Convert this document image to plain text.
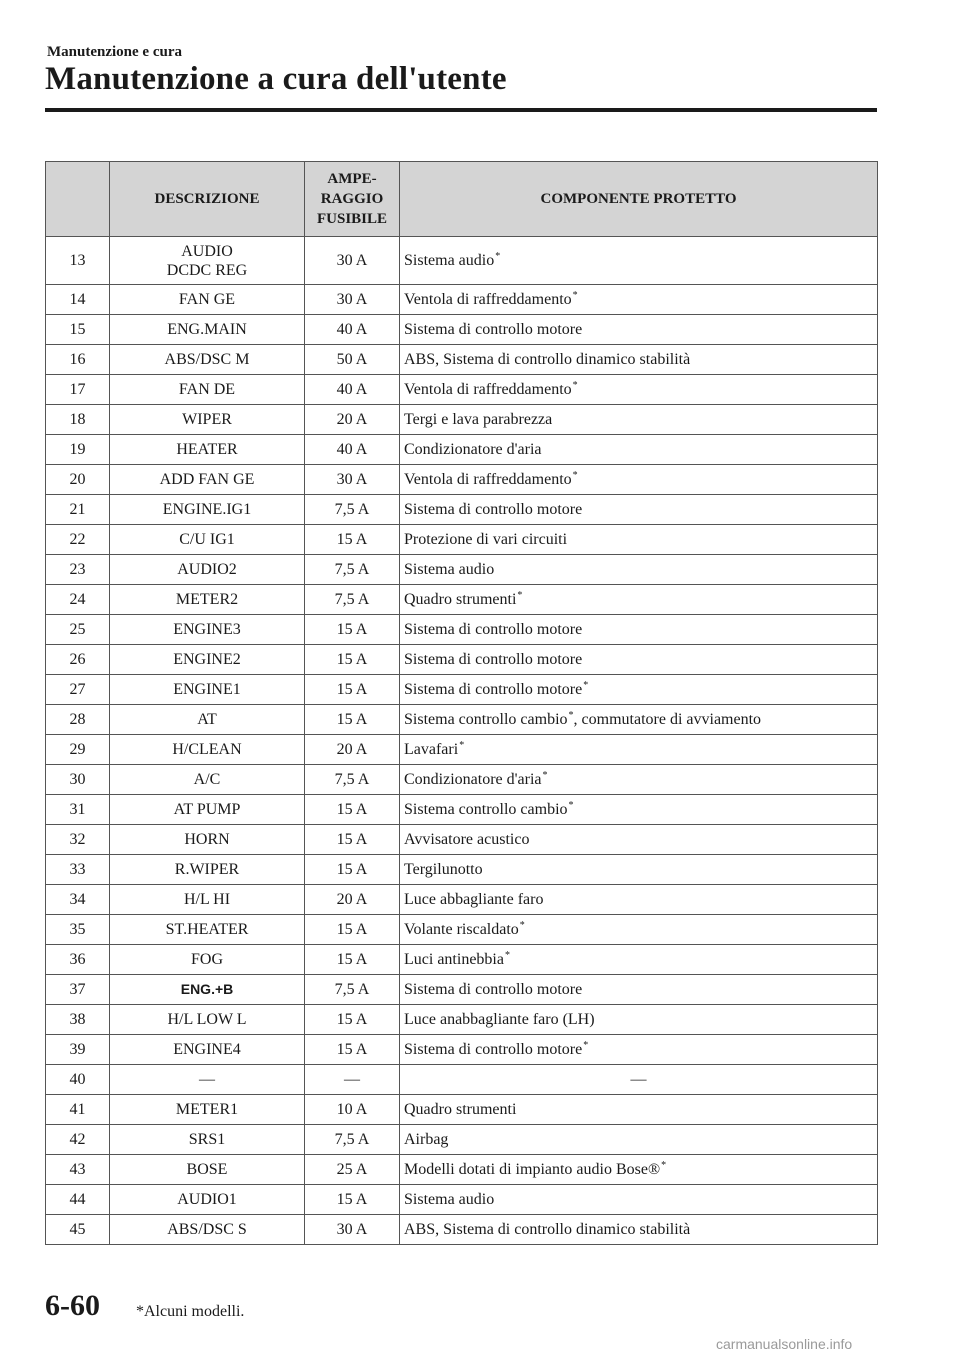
Manutenzione e cura
Manutenzione a cura dell'utente
	DESCRIZIONE	AMPE-
RAGGIO
FUSIBILE	COMPONENTE PROTETTO
13	AUDIO
DCDC REG	30 A	Sistema audio*
14	FAN GE	30 A	Ventola di raffreddamento*
15	ENG.MAIN	40 A	Sistema di controllo motore
16	ABS/DSC M	50 A	ABS, Sistema di controllo dinamico stabilità
17	FAN DE	40 A	Ventola di raffreddamento*
18	WIPER	20 A	Tergi e lava parabrezza
19	HEATER	40 A	Condizionatore d'aria
20	ADD FAN GE	30 A	Ventola di raffreddamento*
21	ENGINE.IG1	7,5 A	Sistema di controllo motore
22	C/U IG1	15 A	Protezione di vari circuiti
23	AUDIO2	7,5 A	Sistema audio
24	METER2	7,5 A	Quadro strumenti*
25	ENGINE3	15 A	Sistema di controllo motore
26	ENGINE2	15 A	Sistema di controllo motore
27	ENGINE1	15 A	Sistema di controllo motore*
28	AT	15 A	Sistema controllo cambio*, commutatore di avviamento
29	H/CLEAN	20 A	Lavafari*
30	A/C	7,5 A	Condizionatore d'aria*
31	AT PUMP	15 A	Sistema controllo cambio*
32	HORN	15 A	Avvisatore acustico
33	R.WIPER	15 A	Tergilunotto
34	H/L HI	20 A	Luce abbagliante faro
35	ST.HEATER	15 A	Volante riscaldato*
36	FOG	15 A	Luci antinebbia*
37	ENG.+B	7,5 A	Sistema di controllo motore
38	H/L LOW L	15 A	Luce anabbagliante faro (LH)
39	ENGINE4	15 A	Sistema di controllo motore*
40	—	—	—
41	METER1	10 A	Quadro strumenti
42	SRS1	7,5 A	Airbag
43	BOSE	25 A	Modelli dotati di impianto audio Bose®*
44	AUDIO1	15 A	Sistema audio
45	ABS/DSC S	30 A	ABS, Sistema di controllo dinamico stabilità
6-60 *Alcuni modelli.
carmanualsonline.info
